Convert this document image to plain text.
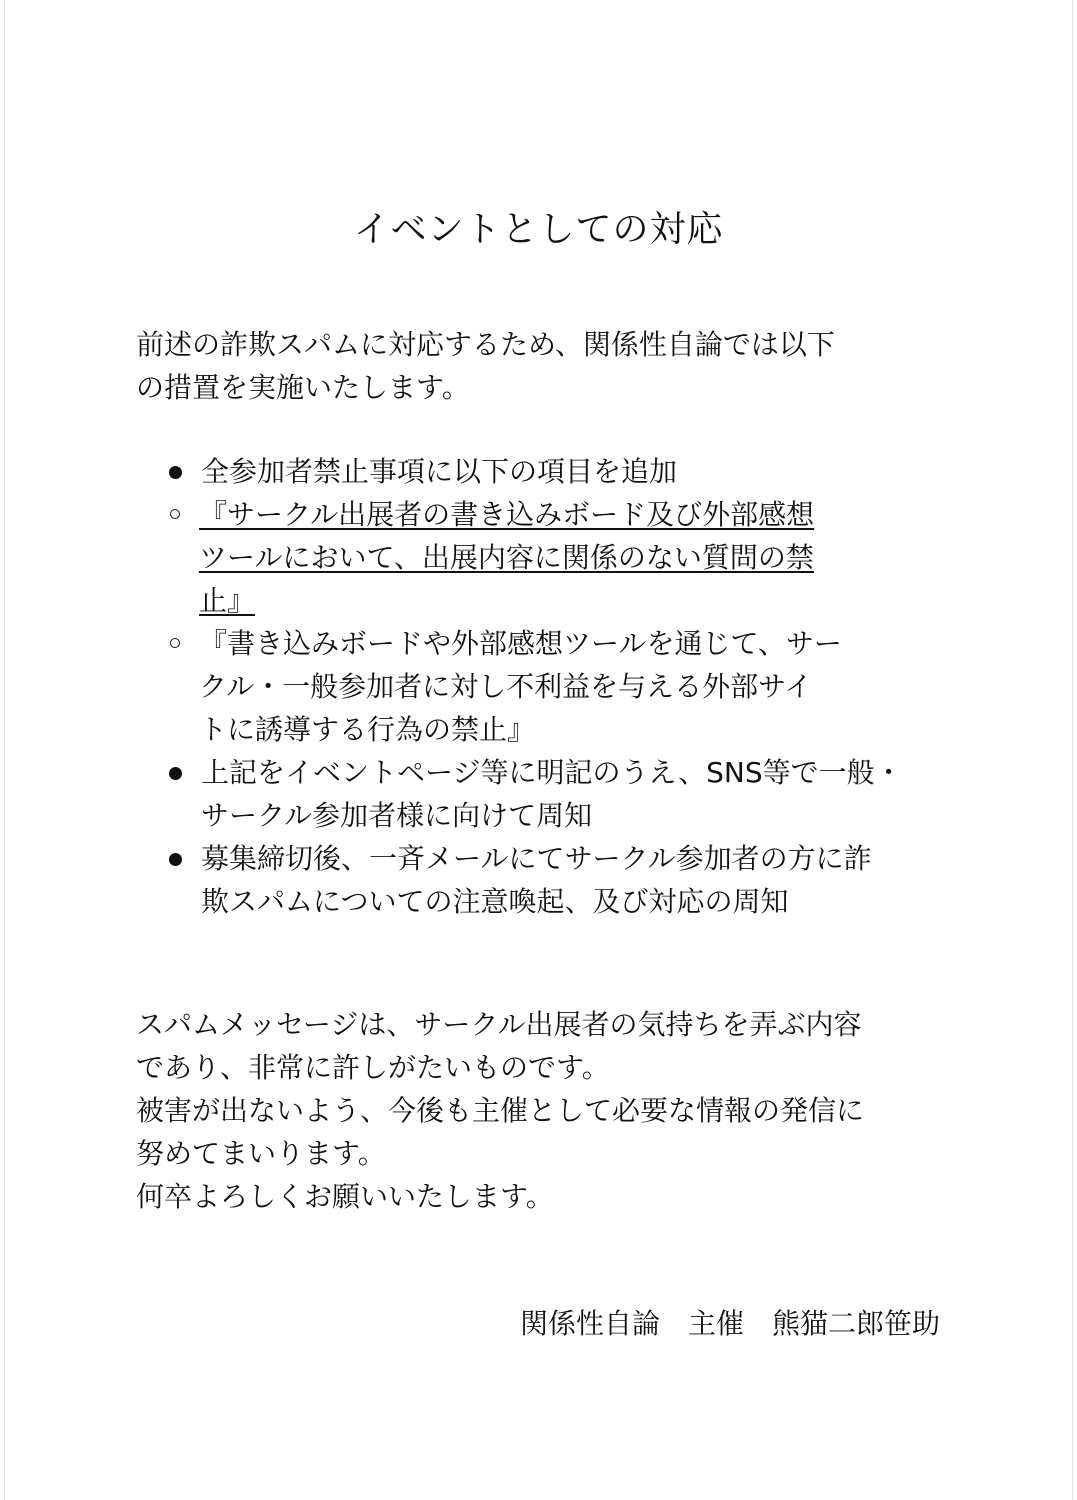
イベントとしての対応
前述の詐欺スパムに対応するため、関係性自論では以下
の措置を実施いたします。
全参加者禁止事項に以下の項目を追加
『サークル出展者の書き込みボード及び外部感想
ツールにおいて、出展内容に関係のない質問の禁
止』
『書き込みボードや外部感想ツールを通じて、サー
クル・一般参加者に対し不利益を与える外部サイ
トに誘導する行為の禁止』
上記をイベントページ等に明記のうえ、SNS等で一般・
サークル参加者様に向けて周知
募集締切後、一斉メールにてサークル参加者の方に詐
欺スパムについての注意喚起、及び対応の周知
スパムメッセージは、サークル出展者の気持ちを弄ぶ内容
であり、非常に許しがたいものです。
被害が出ないよう、今後も主催として必要な情報の発信に
努めてまいります。
何卒よろしくお願いいたします。

関係性自論　主催　熊猫二郎笹助
